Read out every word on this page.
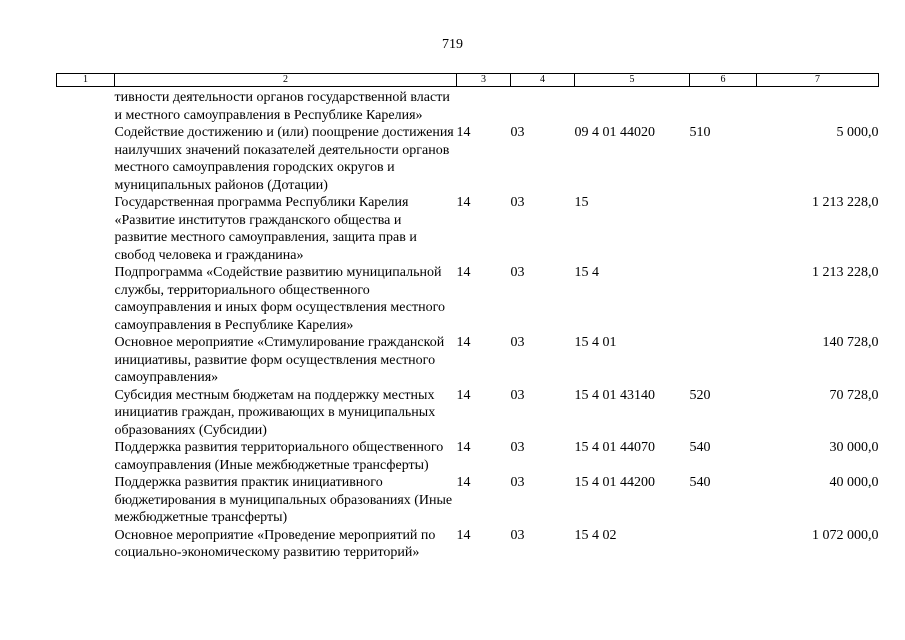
719
1	2	3	4	5	6	7
	тивности деятельности органов государственной власти и местного самоуправления в Республике Карелия»					
	Содействие достижению и (или) поощрение достижения наилучших значений показателей деятельности органов местного самоуправления городских округов и муниципальных районов (Дотации)	14	03	09 4 01 44020	510	5 000,0
	Государственная программа Республики Карелия «Развитие институтов гражданского общества и развитие местного самоуправления, защита прав и свобод человека и гражданина»	14	03	15		1 213 228,0
	Подпрограмма «Содействие развитию муниципальной службы, территориального общественного самоуправления и иных форм осуществления местного самоуправления в Республике Карелия»	14	03	15 4		1 213 228,0
	Основное мероприятие «Стимулирование гражданской инициативы, развитие форм осуществления местного самоуправления»	14	03	15 4 01		140 728,0
	Субсидия местным бюджетам на поддержку местных инициатив граждан, проживающих в муниципальных образованиях (Субсидии)	14	03	15 4 01 43140	520	70 728,0
	Поддержка развития территориального общественного самоуправления (Иные межбюджетные трансферты)	14	03	15 4 01 44070	540	30 000,0
	Поддержка развития практик инициативного бюджетирования в муниципальных образованиях (Иные межбюджетные трансферты)	14	03	15 4 01 44200	540	40 000,0
	Основное мероприятие «Проведение мероприятий по социально-экономическому развитию территорий»	14	03	15 4 02		1 072 000,0
